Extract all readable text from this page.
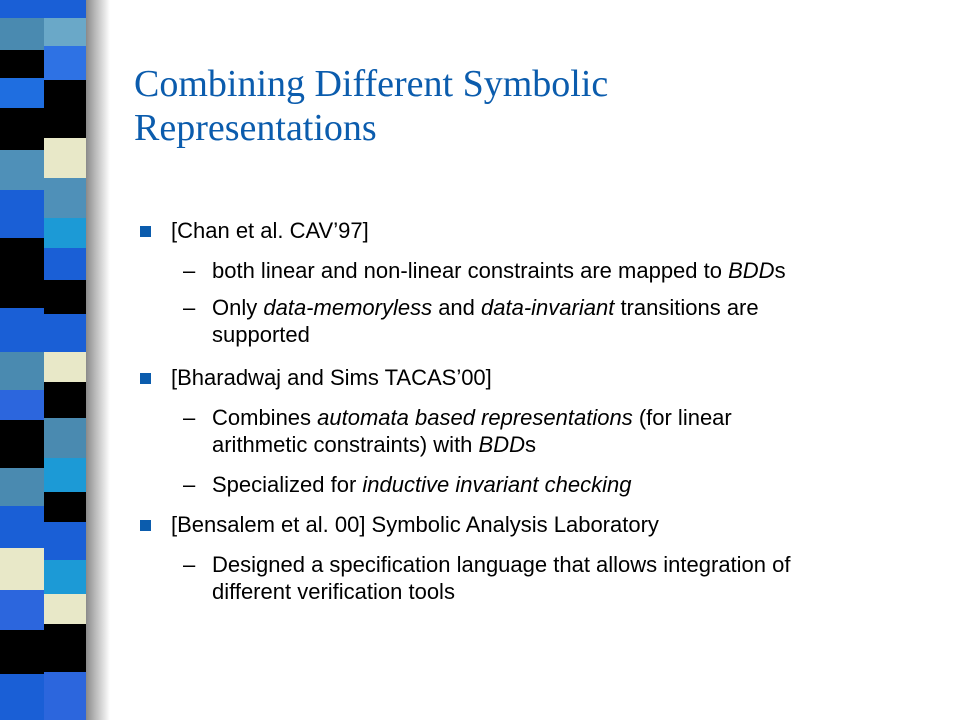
Combining Different Symbolic
Representations
[Chan et al. CAV’97]
– both linear and non-linear constraints are mapped to BDDs
– Only data-memoryless and data-invariant transitions are
supported
[Bharadwaj and Sims TACAS’00]
– Combines automata based representations (for linear
arithmetic constraints) with BDDs
– Specialized for inductive invariant checking
[Bensalem et al. 00] Symbolic Analysis Laboratory
– Designed a specification language that allows integration of
different verification tools
